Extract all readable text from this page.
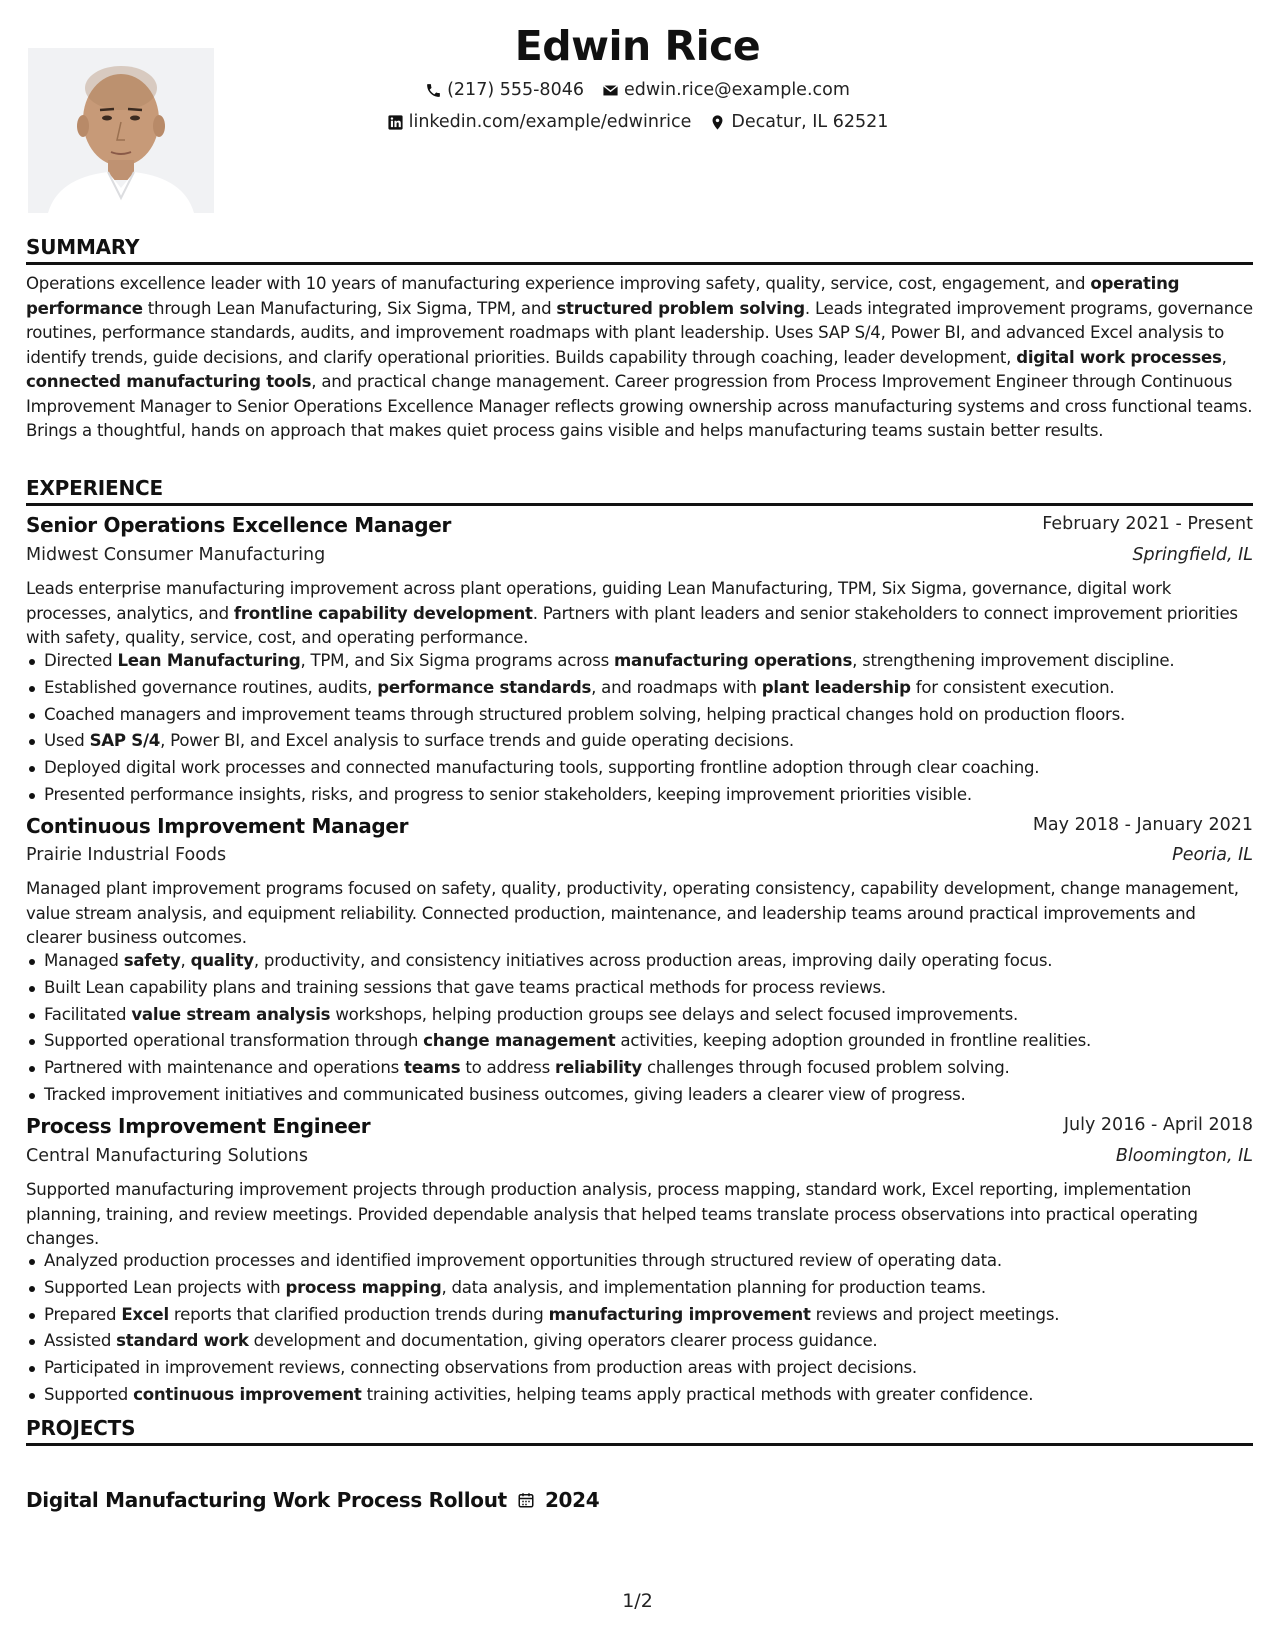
Edwin Rice
(217) 555-8046 edwin.rice@example.com
linkedin.com/example/edwinrice Decatur, IL 62521
SUMMARY
Operations excellence leader with 10 years of manufacturing experience improving safety, quality, service, cost, engagement, and operating performance through Lean Manufacturing, Six Sigma, TPM, and structured problem solving. Leads integrated improvement programs, governance routines, performance standards, audits, and improvement roadmaps with plant leadership. Uses SAP S/4, Power BI, and advanced Excel analysis to identify trends, guide decisions, and clarify operational priorities. Builds capability through coaching, leader development, digital work processes, connected manufacturing tools, and practical change management. Career progression from Process Improvement Engineer through Continuous Improvement Manager to Senior Operations Excellence Manager reflects growing ownership across manufacturing systems and cross functional teams. Brings a thoughtful, hands on approach that makes quiet process gains visible and helps manufacturing teams sustain better results.
EXPERIENCE
Senior Operations Excellence Manager	February 2021 - Present
Midwest Consumer Manufacturing	Springfield, IL
Leads enterprise manufacturing improvement across plant operations, guiding Lean Manufacturing, TPM, Six Sigma, governance, digital work processes, analytics, and frontline capability development. Partners with plant leaders and senior stakeholders to connect improvement priorities with safety, quality, service, cost, and operating performance.
Directed Lean Manufacturing, TPM, and Six Sigma programs across manufacturing operations, strengthening improvement discipline.
Established governance routines, audits, performance standards, and roadmaps with plant leadership for consistent execution.
Coached managers and improvement teams through structured problem solving, helping practical changes hold on production floors.
Used SAP S/4, Power BI, and Excel analysis to surface trends and guide operating decisions.
Deployed digital work processes and connected manufacturing tools, supporting frontline adoption through clear coaching.
Presented performance insights, risks, and progress to senior stakeholders, keeping improvement priorities visible.
Continuous Improvement Manager	May 2018 - January 2021
Prairie Industrial Foods	Peoria, IL
Managed plant improvement programs focused on safety, quality, productivity, operating consistency, capability development, change management, value stream analysis, and equipment reliability. Connected production, maintenance, and leadership teams around practical improvements and clearer business outcomes.
Managed safety, quality, productivity, and consistency initiatives across production areas, improving daily operating focus.
Built Lean capability plans and training sessions that gave teams practical methods for process reviews.
Facilitated value stream analysis workshops, helping production groups see delays and select focused improvements.
Supported operational transformation through change management activities, keeping adoption grounded in frontline realities.
Partnered with maintenance and operations teams to address reliability challenges through focused problem solving.
Tracked improvement initiatives and communicated business outcomes, giving leaders a clearer view of progress.
Process Improvement Engineer	July 2016 - April 2018
Central Manufacturing Solutions	Bloomington, IL
Supported manufacturing improvement projects through production analysis, process mapping, standard work, Excel reporting, implementation planning, training, and review meetings. Provided dependable analysis that helped teams translate process observations into practical operating changes.
Analyzed production processes and identified improvement opportunities through structured review of operating data.
Supported Lean projects with process mapping, data analysis, and implementation planning for production teams.
Prepared Excel reports that clarified production trends during manufacturing improvement reviews and project meetings.
Assisted standard work development and documentation, giving operators clearer process guidance.
Participated in improvement reviews, connecting observations from production areas with project decisions.
Supported continuous improvement training activities, helping teams apply practical methods with greater confidence.
PROJECTS
Digital Manufacturing Work Process Rollout 2024
1/2
